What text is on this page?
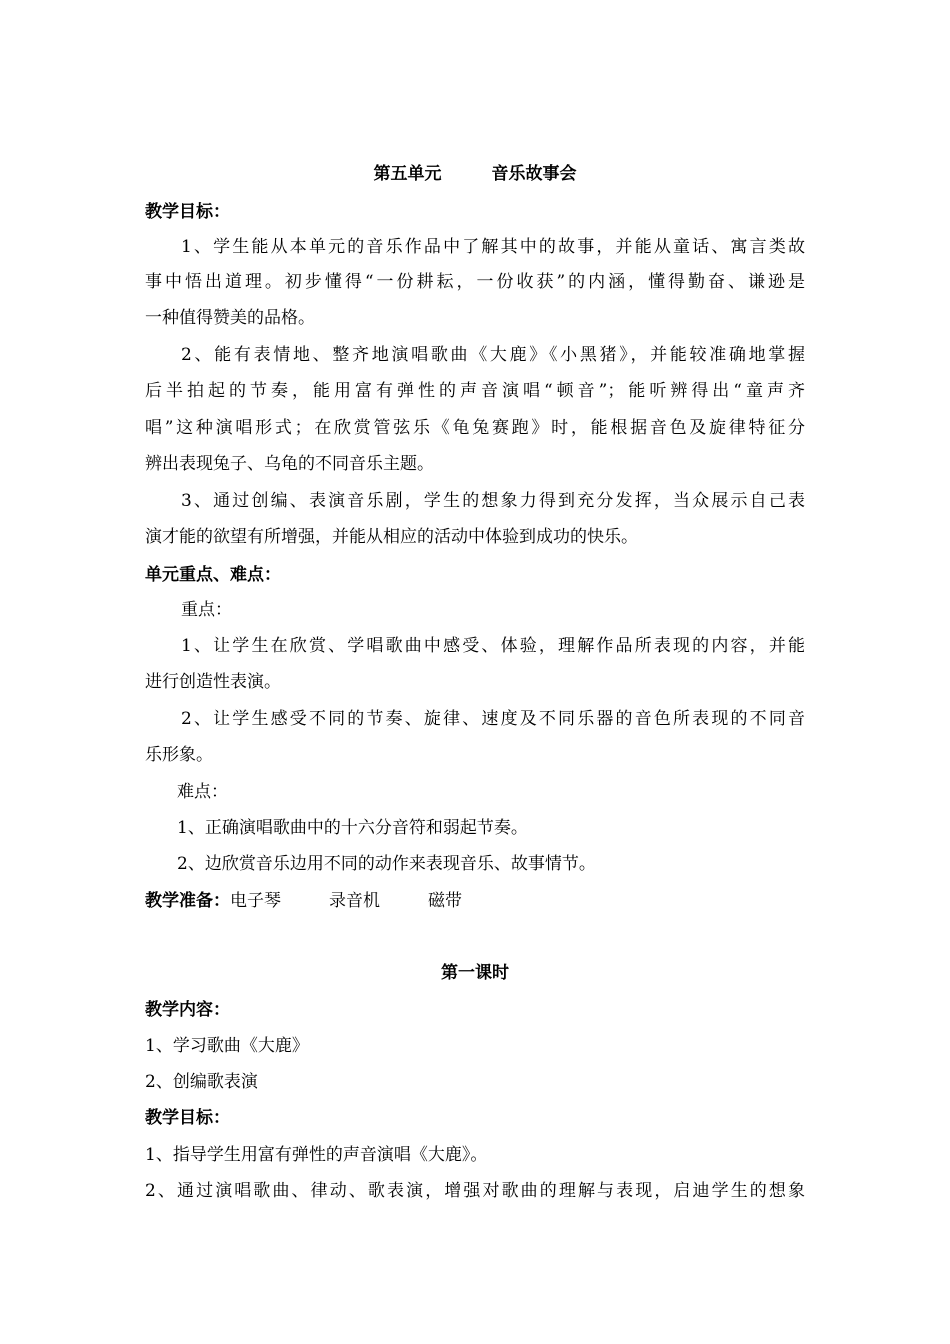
第五单元	音乐故事会
教学目标：
1、学生能从本单元的音乐作品中了解其中的故事，并能从童话、寓言类故
事中悟出道理。初步懂得“一份耕耘，一份收获”的内涵，懂得勤奋、谦逊是
一种值得赞美的品格。
2、能有表情地、整齐地演唱歌曲《大鹿》《小黑猪》，并能较准确地掌握
后半拍起的节奏，能用富有弹性的声音演唱“顿音”；能听辨得出“童声齐
唱”这种演唱形式；在欣赏管弦乐《龟兔赛跑》时，能根据音色及旋律特征分
辨出表现兔子、乌龟的不同音乐主题。
3、通过创编、表演音乐剧，学生的想象力得到充分发挥，当众展示自己表
演才能的欲望有所增强，并能从相应的活动中体验到成功的快乐。
单元重点、难点：
重点：
1、让学生在欣赏、学唱歌曲中感受、体验，理解作品所表现的内容，并能
进行创造性表演。
2、让学生感受不同的节奏、旋律、速度及不同乐器的音色所表现的不同音
乐形象。
难点：
1、正确演唱歌曲中的十六分音符和弱起节奏。
2、边欣赏音乐边用不同的动作来表现音乐、故事情节。
教学准备：电子琴	录音机	磁带
第一课时
教学内容：
1、学习歌曲《大鹿》
2、创编歌表演
教学目标：
1、指导学生用富有弹性的声音演唱《大鹿》。
2、通过演唱歌曲、律动、歌表演，增强对歌曲的理解与表现，启迪学生的想象
